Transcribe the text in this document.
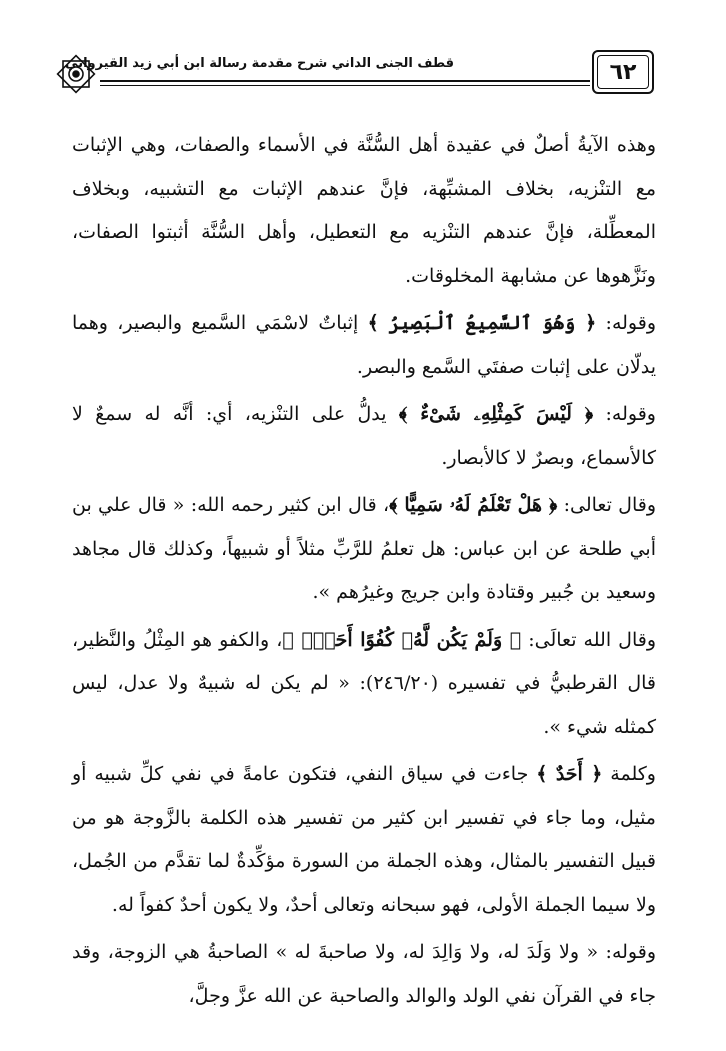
قطف الجنى الداني شرح مقدمة رسالة ابن أبي زيد القيرواني	٦٢

وهذه الآيةُ أصلٌ في عقيدة أهل السُّنَّة في الأسماء والصفات، وهي الإثبات مع التنْزيه، بخلاف المشبِّهة، فإنَّ عندهم الإثبات مع التشبيه، وبخلاف المعطِّلة، فإنَّ عندهم التنْزيه مع التعطيل، وأهل السُّنَّة أثبتوا الصفات، ونَزَّهوها عن مشابهة المخلوقات.

وقوله: ﴿ وَهُوَ ٱلسَّمِيعُ ٱلْبَصِيرُ ﴾ إثباتٌ لاسْمَي السَّميع والبصير، وهما يدلّان على إثبات صفتَي السَّمع والبصر.

وقوله: ﴿ لَيْسَ كَمِثْلِهِۦ شَىْءٌ ﴾ يدلُّ على التنْزيه، أي: أنَّه له سمعٌ لا كالأسماع، وبصرٌ لا كالأبصار.

وقال تعالى: ﴿ هَلْ تَعْلَمُ لَهُۥ سَمِيًّا ﴾، قال ابن كثير رحمه الله: « قال علي بن أبي طلحة عن ابن عباس: هل تعلمُ للرَّبِّ مثلاً أو شبيهاً، وكذلك قال مجاهد وسعيد بن جُبير وقتادة وابن جريج وغيرُهم ».

وقال الله تعالَى: ﴿ وَلَمْ يَكُن لَّهُۥ كُفُوًا أَحَدٌۢ ﴾، والكفو هو المِثْلُ والنَّظير، قال القرطبيُّ في تفسيره (٢٤٦/٢٠): « لم يكن له شبيهٌ ولا عدل، ليس كمثله شيء ».

وكلمة ﴿ أَحَدٌ ﴾ جاءت في سياق النفي، فتكون عامةً في نفي كلِّ شبيه أو مثيل، وما جاء في تفسير ابن كثير من تفسير هذه الكلمة بالزَّوجة هو من قبيل التفسير بالمثال، وهذه الجملة من السورة مؤكِّدةٌ لما تقدَّم من الجُمل، ولا سيما الجملة الأولى، فهو سبحانه وتعالى أحدٌ، ولا يكون أحدٌ كفواً له.

وقوله: « ولا وَلَدَ له، ولا وَالِدَ له، ولا صاحبةَ له » الصاحبةُ هي الزوجة، وقد جاء في القرآن نفي الولد والوالد والصاحبة عن الله عزَّ وجلَّ،
